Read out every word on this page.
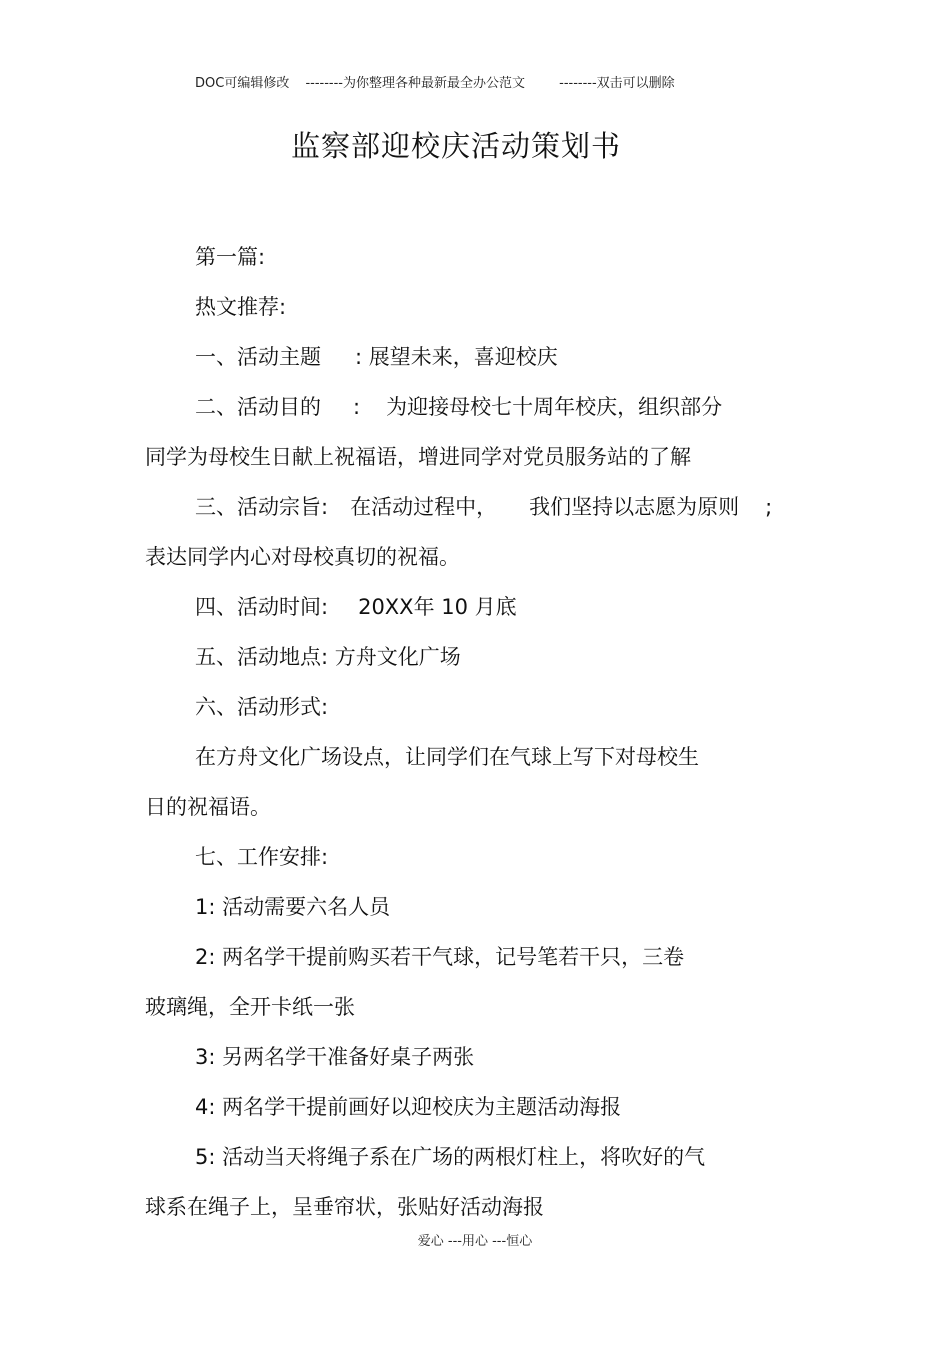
DOC可编辑修改 --------为你整理各种最新最全办公范文	--------双击可以删除
监察部迎校庆活动策划书
第一篇:
热文推荐:
一、活动主题 : 展望未来，喜迎校庆
二、活动目的 : 为迎接母校七十周年校庆，组织部分
同学为母校生日献上祝福语，增进同学对党员服务站的了解
三、活动宗旨: 在活动过程中， 我们坚持以志愿为原则 ;
表达同学内心对母校真切的祝福。
四、活动时间: 20XX年 10 月底
五、活动地点: 方舟文化广场
六、活动形式:
在方舟文化广场设点，让同学们在气球上写下对母校生
日的祝福语。
七、工作安排:
1: 活动需要六名人员
2: 两名学干提前购买若干气球，记号笔若干只，三卷
玻璃绳，全开卡纸一张
3: 另两名学干准备好桌子两张
4: 两名学干提前画好以迎校庆为主题活动海报
5: 活动当天将绳子系在广场的两根灯柱上，将吹好的气
球系在绳子上，呈垂帘状，张贴好活动海报
爱心 ---用心 ---恒心
